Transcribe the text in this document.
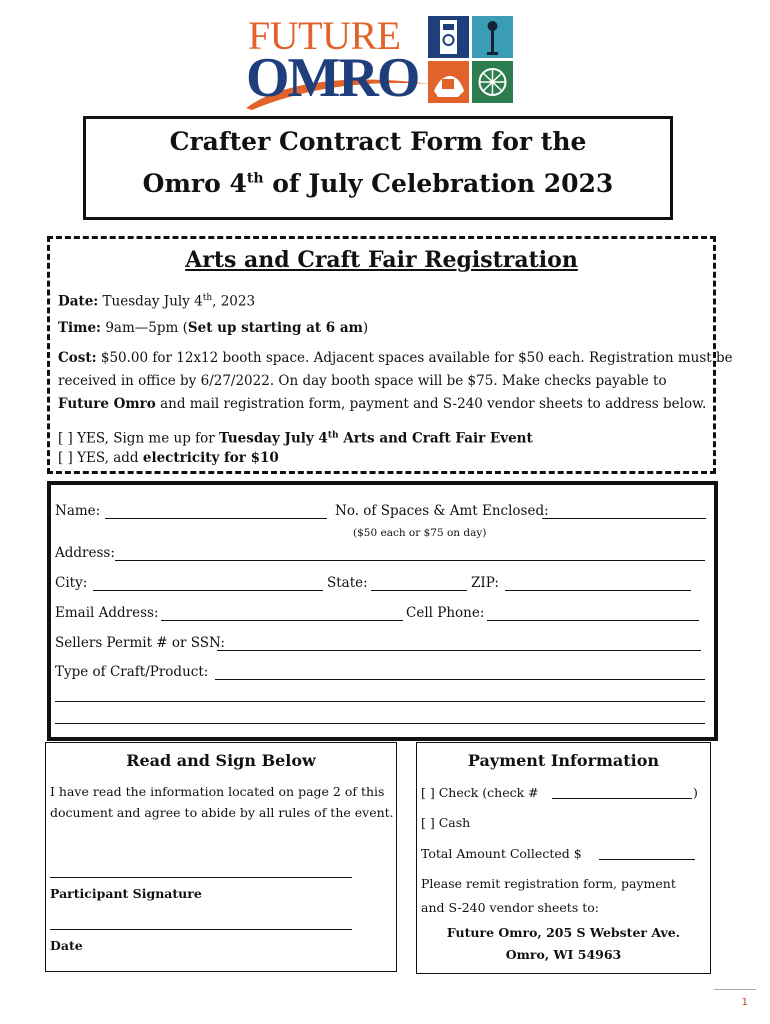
FUTURE
OMRO
Crafter Contract Form for the
Omro 4th of July Celebration 2023
Arts and Craft Fair Registration
Date: Tuesday July 4th, 2023
Time: 9am—5pm (Set up starting at 6 am)
Cost: $50.00 for 12x12 booth space. Adjacent spaces available for $50 each. Registration must be
received in office by 6/27/2022. On day booth space will be $75. Make checks payable to
Future Omro and mail registration form, payment and S-240 vendor sheets to address below.
[ ] YES, Sign me up for Tuesday July 4th Arts and Craft Fair Event
[ ] YES, add electricity for $10
Name:	No. of Spaces & Amt Enclosed:
($50 each or $75 on day)
Address:
City:	State:	ZIP:
Email Address:	Cell Phone:
Sellers Permit # or SSN:
Type of Craft/Product:
Read and Sign Below
I have read the information located on page 2 of this
document and agree to abide by all rules of the event.
Participant Signature
Date
Payment Information
[ ] Check (check #	)
[ ] Cash
Total Amount Collected $
Please remit registration form, payment
and S-240 vendor sheets to:
Future Omro, 205 S Webster Ave.
Omro, WI 54963
1
